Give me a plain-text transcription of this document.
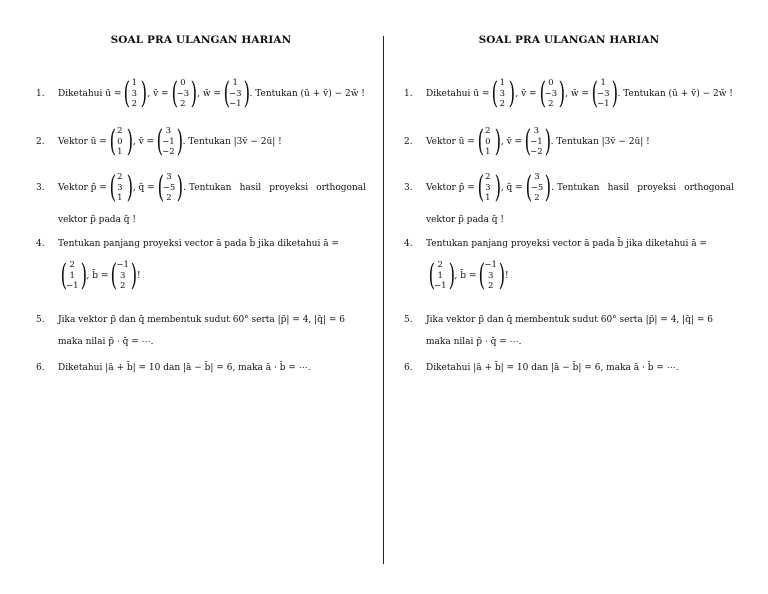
SOAL PRA ULANGAN HARIAN
1.	Diketahui ū = ( 1
3
2 ) , v̄ = ( 0
−3
2 ) , w̄ = ( 1
−3
−1 ) . Tentukan (ū + v̄) − 2w̄ !
2.	Vektor ū = ( 2
0
1 ) , v̄ = ( 3
−1
−2 ) . Tentukan |3v̄ − 2ū| !
3.	Vektor p̄ = ( 2
3
1 ) , q̄ = ( 3
−5
2 ) . Tentukan hasil proyeksi orthogonal
vektor p̄ pada q̄ !
4.	Tentukan panjang proyeksi vector ā pada b̄ jika diketahui ā =
( 2
1
−1 ) , b̄ = (
−1
3
2 ) !
5.	Jika vektor p̄ dan q̄ membentuk sudut 60° serta |p̄| = 4, |q̄| = 6
maka nilai p̄ · q̄ = ⋯.
6.	Diketahui |ā + b̄| = 10 dan |ā − b̄| = 6, maka ā · b̄ = ⋯.
SOAL PRA ULANGAN HARIAN
1.	Diketahui ū = ( 1
3
2 ) , v̄ = ( 0
−3
2 ) , w̄ = ( 1
−3
−1 ) . Tentukan (ū + v̄) − 2w̄ !
2.	Vektor ū = ( 2
0
1 ) , v̄ = ( 3
−1
−2 ) . Tentukan |3v̄ − 2ū| !
3.	Vektor p̄ = ( 2
3
1 ) , q̄ = ( 3
−5
2 ) . Tentukan hasil proyeksi orthogonal
vektor p̄ pada q̄ !
4.	Tentukan panjang proyeksi vector ā pada b̄ jika diketahui ā =
( 2
1
−1 ) , b̄ = (
−1
3
2 ) !
5.	Jika vektor p̄ dan q̄ membentuk sudut 60° serta |p̄| = 4, |q̄| = 6
maka nilai p̄ · q̄ = ⋯.
6.	Diketahui |ā + b̄| = 10 dan |ā − b̄| = 6, maka ā · b̄ = ⋯.
